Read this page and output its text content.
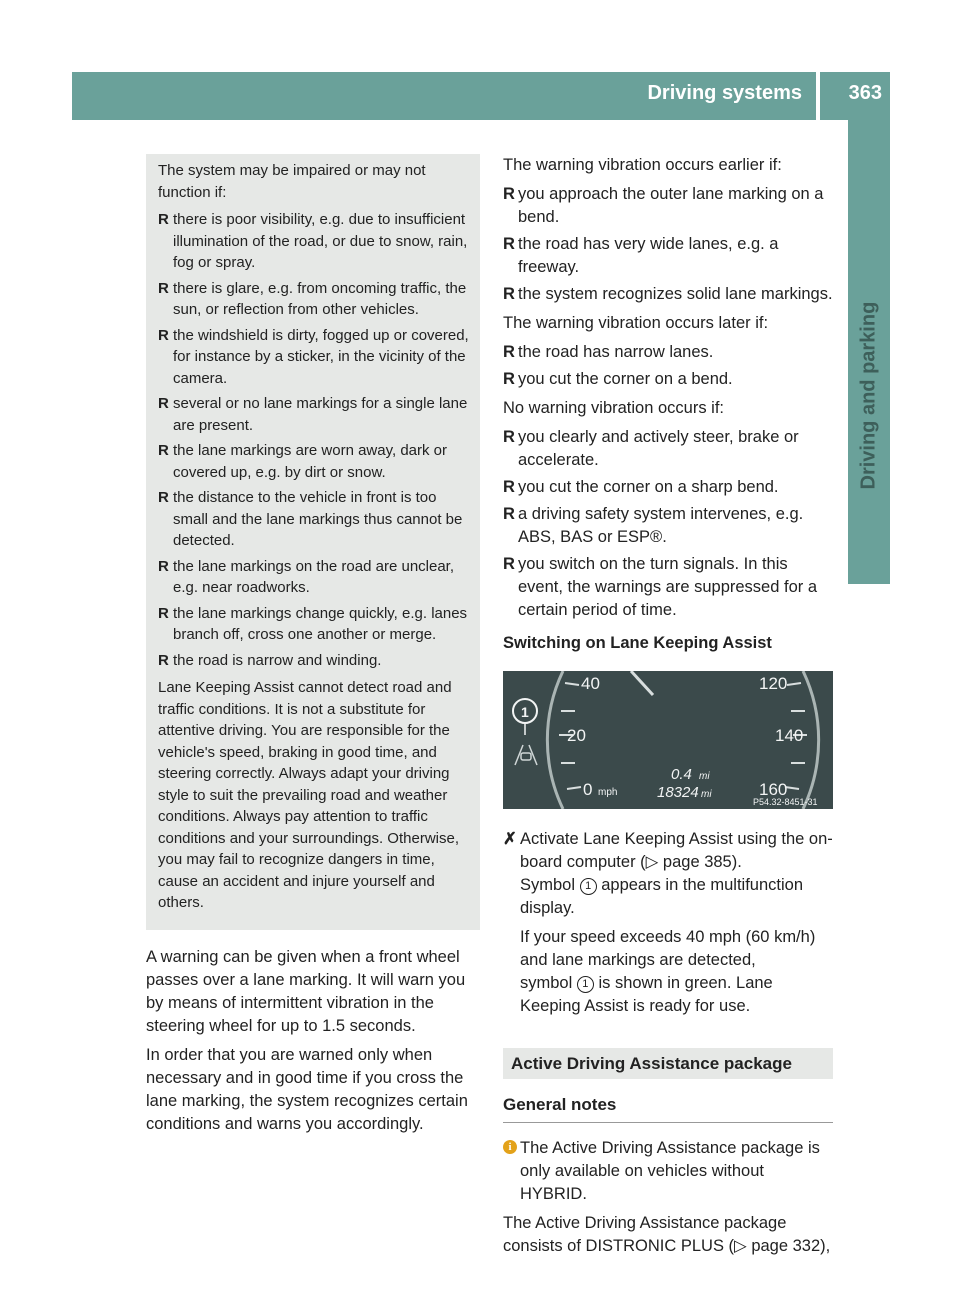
Driving systems 363

The system may be impaired or may not function if:

R there is poor visibility, e.g. due to insufficient illumination of the road, or due to snow, rain, fog or spray.
R there is glare, e.g. from oncoming traffic, the sun, or reflection from other vehicles.
R the windshield is dirty, fogged up or covered, for instance by a sticker, in the vicinity of the camera.
R several or no lane markings for a single lane are present.
R the lane markings are worn away, dark or covered up, e.g. by dirt or snow.
R the distance to the vehicle in front is too small and the lane markings thus cannot be detected.
R the lane markings on the road are unclear, e.g. near roadworks.
R the lane markings change quickly, e.g. lanes branch off, cross one another or merge.
R the road is narrow and winding.

Lane Keeping Assist cannot detect road and traffic conditions. It is not a substitute for attentive driving. You are responsible for the vehicle's speed, braking in good time, and steering correctly. Always adapt your driving style to suit the prevailing road and weather conditions. Always pay attention to traffic conditions and your surroundings. Otherwise, you may fail to recognize dangers in time, cause an accident and injure yourself and others.

A warning can be given when a front wheel passes over a lane marking. It will warn you by means of intermittent vibration in the steering wheel for up to 1.5 seconds.

In order that you are warned only when necessary and in good time if you cross the lane marking, the system recognizes certain conditions and warns you accordingly.

The warning vibration occurs earlier if:

R you approach the outer lane marking on a bend.
R the road has very wide lanes, e.g. a freeway.
R the system recognizes solid lane markings.

The warning vibration occurs later if:

R the road has narrow lanes.
R you cut the corner on a bend.

No warning vibration occurs if:

R you clearly and actively steer, brake or accelerate.
R you cut the corner on a sharp bend.
R a driving safety system intervenes, e.g. ABS, BAS or ESP®.
R you switch on the turn signals. In this event, the warnings are suppressed for a certain period of time.

Switching on Lane Keeping Assist

40
20
0 mph
120
140
160
0.4 mi
18324 mi
P54.32-8451-31
1
✗ Activate Lane Keeping Assist using the on-board computer (▷ page 385).

Symbol 1 appears in the multifunction display.

If your speed exceeds 40 mph (60 km/h) and lane markings are detected,

symbol 1 is shown in green. Lane Keeping Assist is ready for use.

Active Driving Assistance package
General notes
i The Active Driving Assistance package is only available on vehicles without HYBRID.

The Active Driving Assistance package consists of DISTRONIC PLUS (▷ page 332),
